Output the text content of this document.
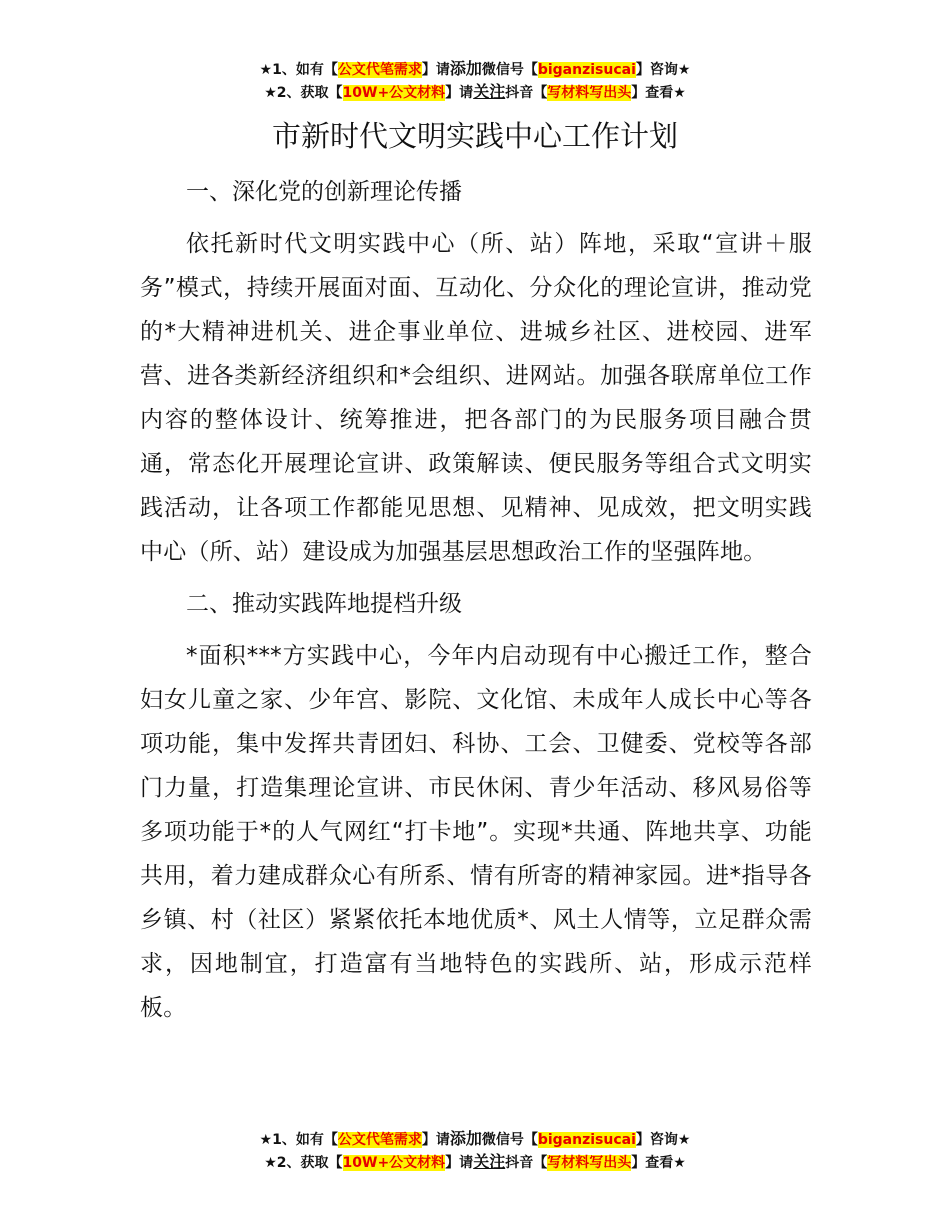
★1、如有【公文代笔需求】请添加微信号【biganzisucai】咨询★
★2、获取【10W+公文材料】请关注抖音【写材料写出头】查看★
市新时代文明实践中心工作计划

一、深化党的创新理论传播

依托新时代文明实践中心（所、站）阵地，采取“宣讲＋服务”模式，持续开展面对面、互动化、分众化的理论宣讲，推动党的*大精神进机关、进企事业单位、进城乡社区、进校园、进军营、进各类新经济组织和*会组织、进网站。加强各联席单位工作内容的整体设计、统筹推进，把各部门的为民服务项目融合贯通，常态化开展理论宣讲、政策解读、便民服务等组合式文明实践活动，让各项工作都能见思想、见精神、见成效，把文明实践中心（所、站）建设成为加强基层思想政治工作的坚强阵地。

二、推动实践阵地提档升级

*面积***方实践中心，今年内启动现有中心搬迁工作，整合妇女儿童之家、少年宫、影院、文化馆、未成年人成长中心等各项功能，集中发挥共青团妇、科协、工会、卫健委、党校等各部门力量，打造集理论宣讲、市民休闲、青少年活动、移风易俗等多项功能于*的人气网红“打卡地”。实现*共通、阵地共享、功能共用，着力建成群众心有所系、情有所寄的精神家园。进*指导各乡镇、村（社区）紧紧依托本地优质*、风土人情等，立足群众需求，因地制宜，打造富有当地特色的实践所、站，形成示范样板。

★1、如有【公文代笔需求】请添加微信号【biganzisucai】咨询★
★2、获取【10W+公文材料】请关注抖音【写材料写出头】查看★
